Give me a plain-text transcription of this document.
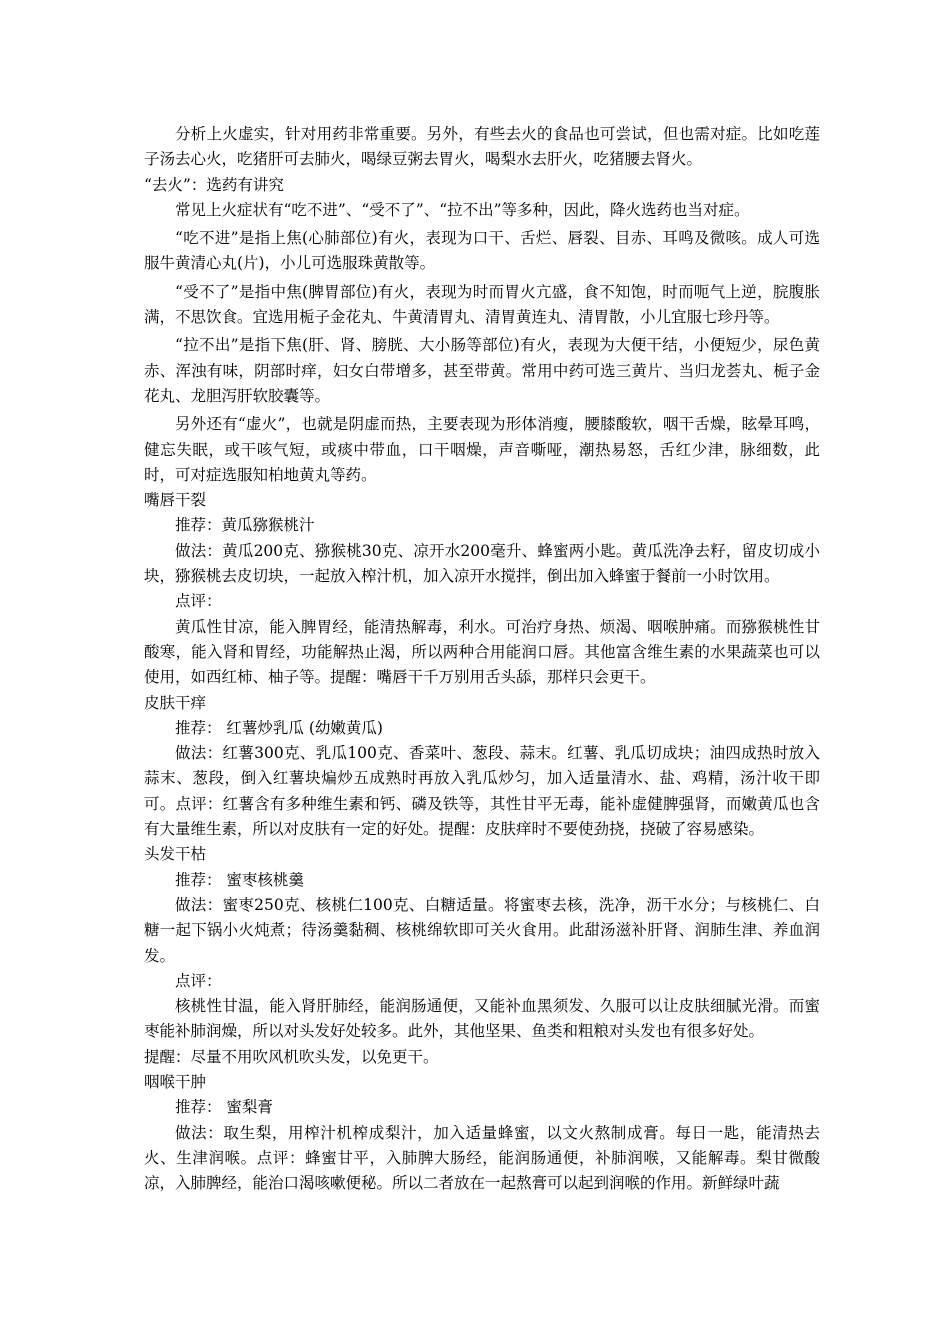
分析上火虚实，针对用药非常重要。另外，有些去火的食品也可尝试，但也需对症。比如吃莲子汤去心火，吃猪肝可去肺火，喝绿豆粥去胃火，喝梨水去肝火，吃猪腰去肾火。

“去火”：选药有讲究

常见上火症状有“吃不进”、“受不了”、“拉不出”等多种，因此，降火选药也当对症。

“吃不进”是指上焦(心肺部位)有火，表现为口干、舌烂、唇裂、目赤、耳鸣及微咳。成人可选服牛黄清心丸(片)，小儿可选服珠黄散等。

“受不了”是指中焦(脾胃部位)有火，表现为时而胃火亢盛，食不知饱，时而呃气上逆，脘腹胀满，不思饮食。宜选用栀子金花丸、牛黄清胃丸、清胃黄连丸、清胃散，小儿宜服七珍丹等。

“拉不出”是指下焦(肝、肾、膀胱、大小肠等部位)有火，表现为大便干结，小便短少，尿色黄赤、浑浊有味，阴部时痒，妇女白带增多，甚至带黄。常用中药可选三黄片、当归龙荟丸、栀子金花丸、龙胆泻肝软胶囊等。

另外还有“虚火”，也就是阴虚而热，主要表现为形体消瘦，腰膝酸软，咽干舌燥，眩晕耳鸣，健忘失眠，或干咳气短，或痰中带血，口干咽燥，声音嘶哑，潮热易怒，舌红少津，脉细数，此时，可对症选服知柏地黄丸等药。

嘴唇干裂

推荐：黄瓜猕猴桃汁

做法：黄瓜200克、猕猴桃30克、凉开水200毫升、蜂蜜两小匙。黄瓜洗净去籽，留皮切成小块，猕猴桃去皮切块，一起放入榨汁机，加入凉开水搅拌，倒出加入蜂蜜于餐前一小时饮用。

点评：

黄瓜性甘凉，能入脾胃经，能清热解毒，利水。可治疗身热、烦渴、咽喉肿痛。而猕猴桃性甘酸寒，能入肾和胃经，功能解热止渴，所以两种合用能润口唇。其他富含维生素的水果蔬菜也可以使用，如西红柿、柚子等。提醒：嘴唇干千万别用舌头舔，那样只会更干。

皮肤干痒

推荐： 红薯炒乳瓜 (幼嫩黄瓜)

做法：红薯300克、乳瓜100克、香菜叶、葱段、蒜末。红薯、乳瓜切成块；油四成热时放入蒜末、葱段，倒入红薯块煸炒五成熟时再放入乳瓜炒匀，加入适量清水、盐、鸡精，汤汁收干即可。点评：红薯含有多种维生素和钙、磷及铁等，其性甘平无毒，能补虚健脾强肾，而嫩黄瓜也含有大量维生素，所以对皮肤有一定的好处。提醒：皮肤痒时不要使劲挠，挠破了容易感染。

头发干枯

推荐： 蜜枣核桃羹

做法：蜜枣250克、核桃仁100克、白糖适量。将蜜枣去核，洗净，沥干水分；与核桃仁、白糖一起下锅小火炖煮；待汤羹黏稠、核桃绵软即可关火食用。此甜汤滋补肝肾、润肺生津、养血润发。

点评：

核桃性甘温，能入肾肝肺经，能润肠通便，又能补血黑须发、久服可以让皮肤细腻光滑。而蜜枣能补肺润燥，所以对头发好处较多。此外，其他坚果、鱼类和粗粮对头发也有很多好处。

提醒：尽量不用吹风机吹头发，以免更干。

咽喉干肿

推荐： 蜜梨膏

做法：取生梨，用榨汁机榨成梨汁，加入适量蜂蜜，以文火熬制成膏。每日一匙，能清热去火、生津润喉。点评：蜂蜜甘平，入肺脾大肠经，能润肠通便，补肺润喉，又能解毒。梨甘微酸凉，入肺脾经，能治口渴咳嗽便秘。所以二者放在一起熬膏可以起到润喉的作用。新鲜绿叶蔬
